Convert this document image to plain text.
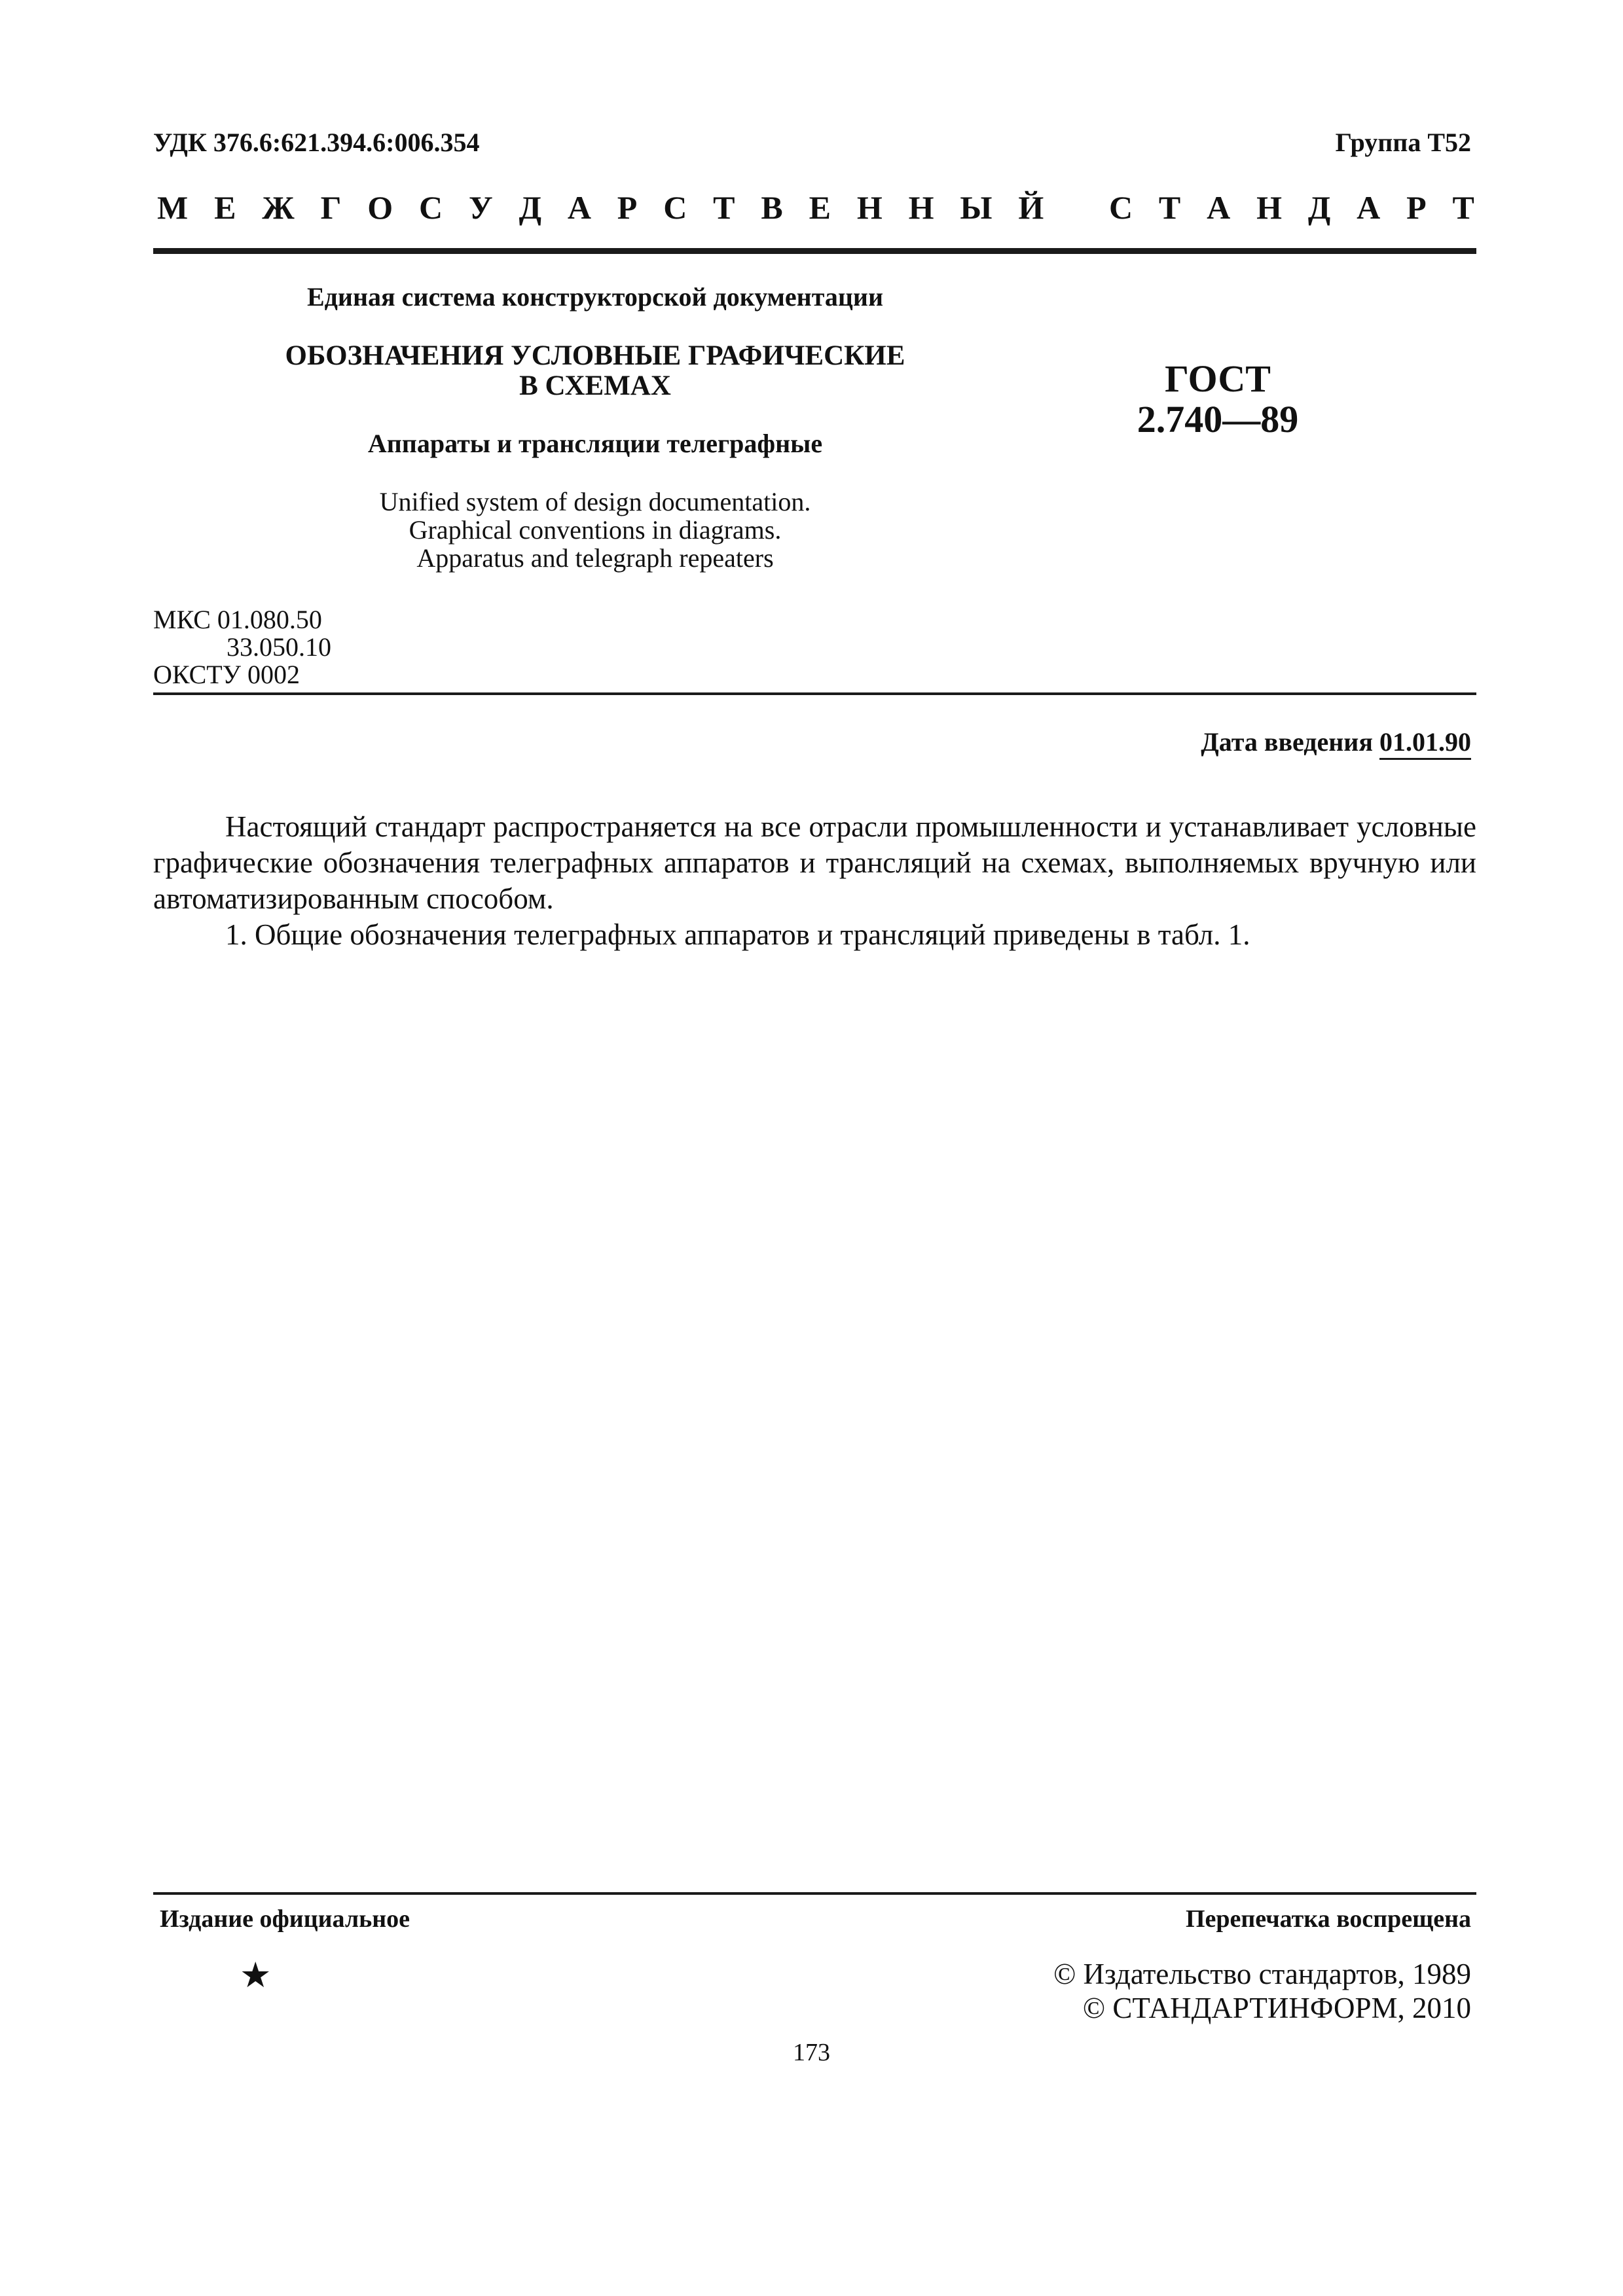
УДК 376.6:621.394.6:006.354	Группа Т52
М Е Ж Г О С У Д А Р С Т В Е Н Н Ы Й С Т А Н Д А Р Т
Единая система конструкторской документации
ОБОЗНАЧЕНИЯ УСЛОВНЫЕ ГРАФИЧЕСКИЕ
В СХЕМАХ
Аппараты и трансляции телеграфные
Unified system of design documentation.
Graphical conventions in diagrams.
Apparatus and telegraph repeaters
ГОСТ
2.740—89
МКС 01.080.50
33.050.10
ОКСТУ 0002
Дата введения 01.01.90

Настоящий стандарт распространяется на все отрасли промышленности и устанавливает условные графические обозначения телеграфных аппаратов и трансляций на схемах, выполняемых вручную или автоматизированным способом.

1. Общие обозначения телеграфных аппаратов и трансляций приведены в табл. 1.

Издание официальное	Перепечатка воспрещена
★	© Издательство стандартов, 1989
© СТАНДАРТИНФОРМ, 2010
173
